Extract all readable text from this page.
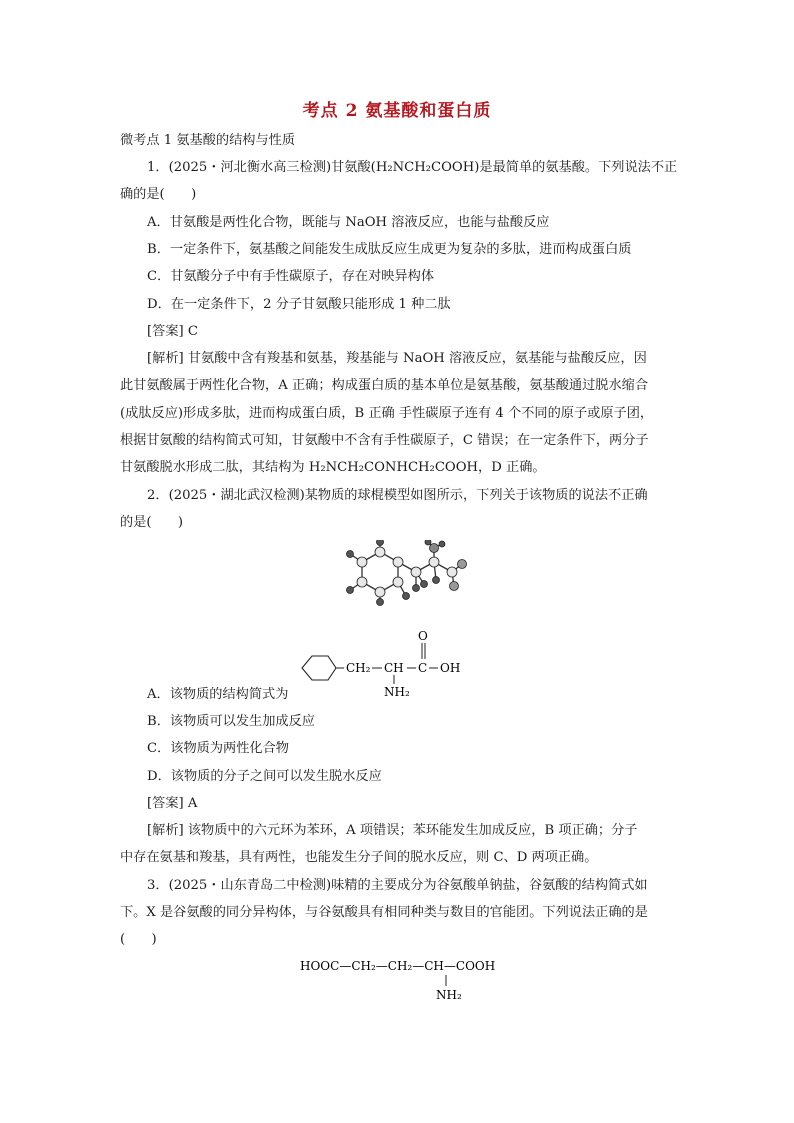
考点 2 氨基酸和蛋白质
微考点 1 氨基酸的结构与性质
1．(2025・河北衡水高三检测)甘氨酸(H₂NCH₂COOH)是最简单的氨基酸。下列说法不正
确的是(　　)
A．甘氨酸是两性化合物，既能与 NaOH 溶液反应，也能与盐酸反应
B．一定条件下，氨基酸之间能发生成肽反应生成更为复杂的多肽，进而构成蛋白质
C．甘氨酸分子中有手性碳原子，存在对映异构体
D．在一定条件下，2 分子甘氨酸只能形成 1 种二肽
[答案] C
[解析] 甘氨酸中含有羧基和氨基，羧基能与 NaOH 溶液反应，氨基能与盐酸反应，因
此甘氨酸属于两性化合物，A 正确；构成蛋白质的基本单位是氨基酸，氨基酸通过脱水缩合
(成肽反应)形成多肽，进而构成蛋白质，B 正确 手性碳原子连有 4 个不同的原子或原子团，
根据甘氨酸的结构简式可知，甘氨酸中不含有手性碳原子，C 错误；在一定条件下，两分子
甘氨酸脱水形成二肽，其结构为 H₂NCH₂CONHCH₂COOH，D 正确。
2．(2025・湖北武汉检测)某物质的球棍模型如图所示，下列关于该物质的说法不正确
的是(　　)
CH₂ CH C OH
O
NH₂
A．该物质的结构简式为
B．该物质可以发生加成反应
C．该物质为两性化合物
D．该物质的分子之间可以发生脱水反应
[答案] A
[解析] 该物质中的六元环为苯环，A 项错误；苯环能发生加成反应，B 项正确；分子
中存在氨基和羧基，具有两性，也能发生分子间的脱水反应，则 C、D 两项正确。
3．(2025・山东青岛二中检测)味精的主要成分为谷氨酸单钠盐，谷氨酸的结构简式如
下。X 是谷氨酸的同分异构体，与谷氨酸具有相同种类与数目的官能团。下列说法正确的是
(　　)
HOOC—CH₂—CH₂—CH—COOH
NH₂
